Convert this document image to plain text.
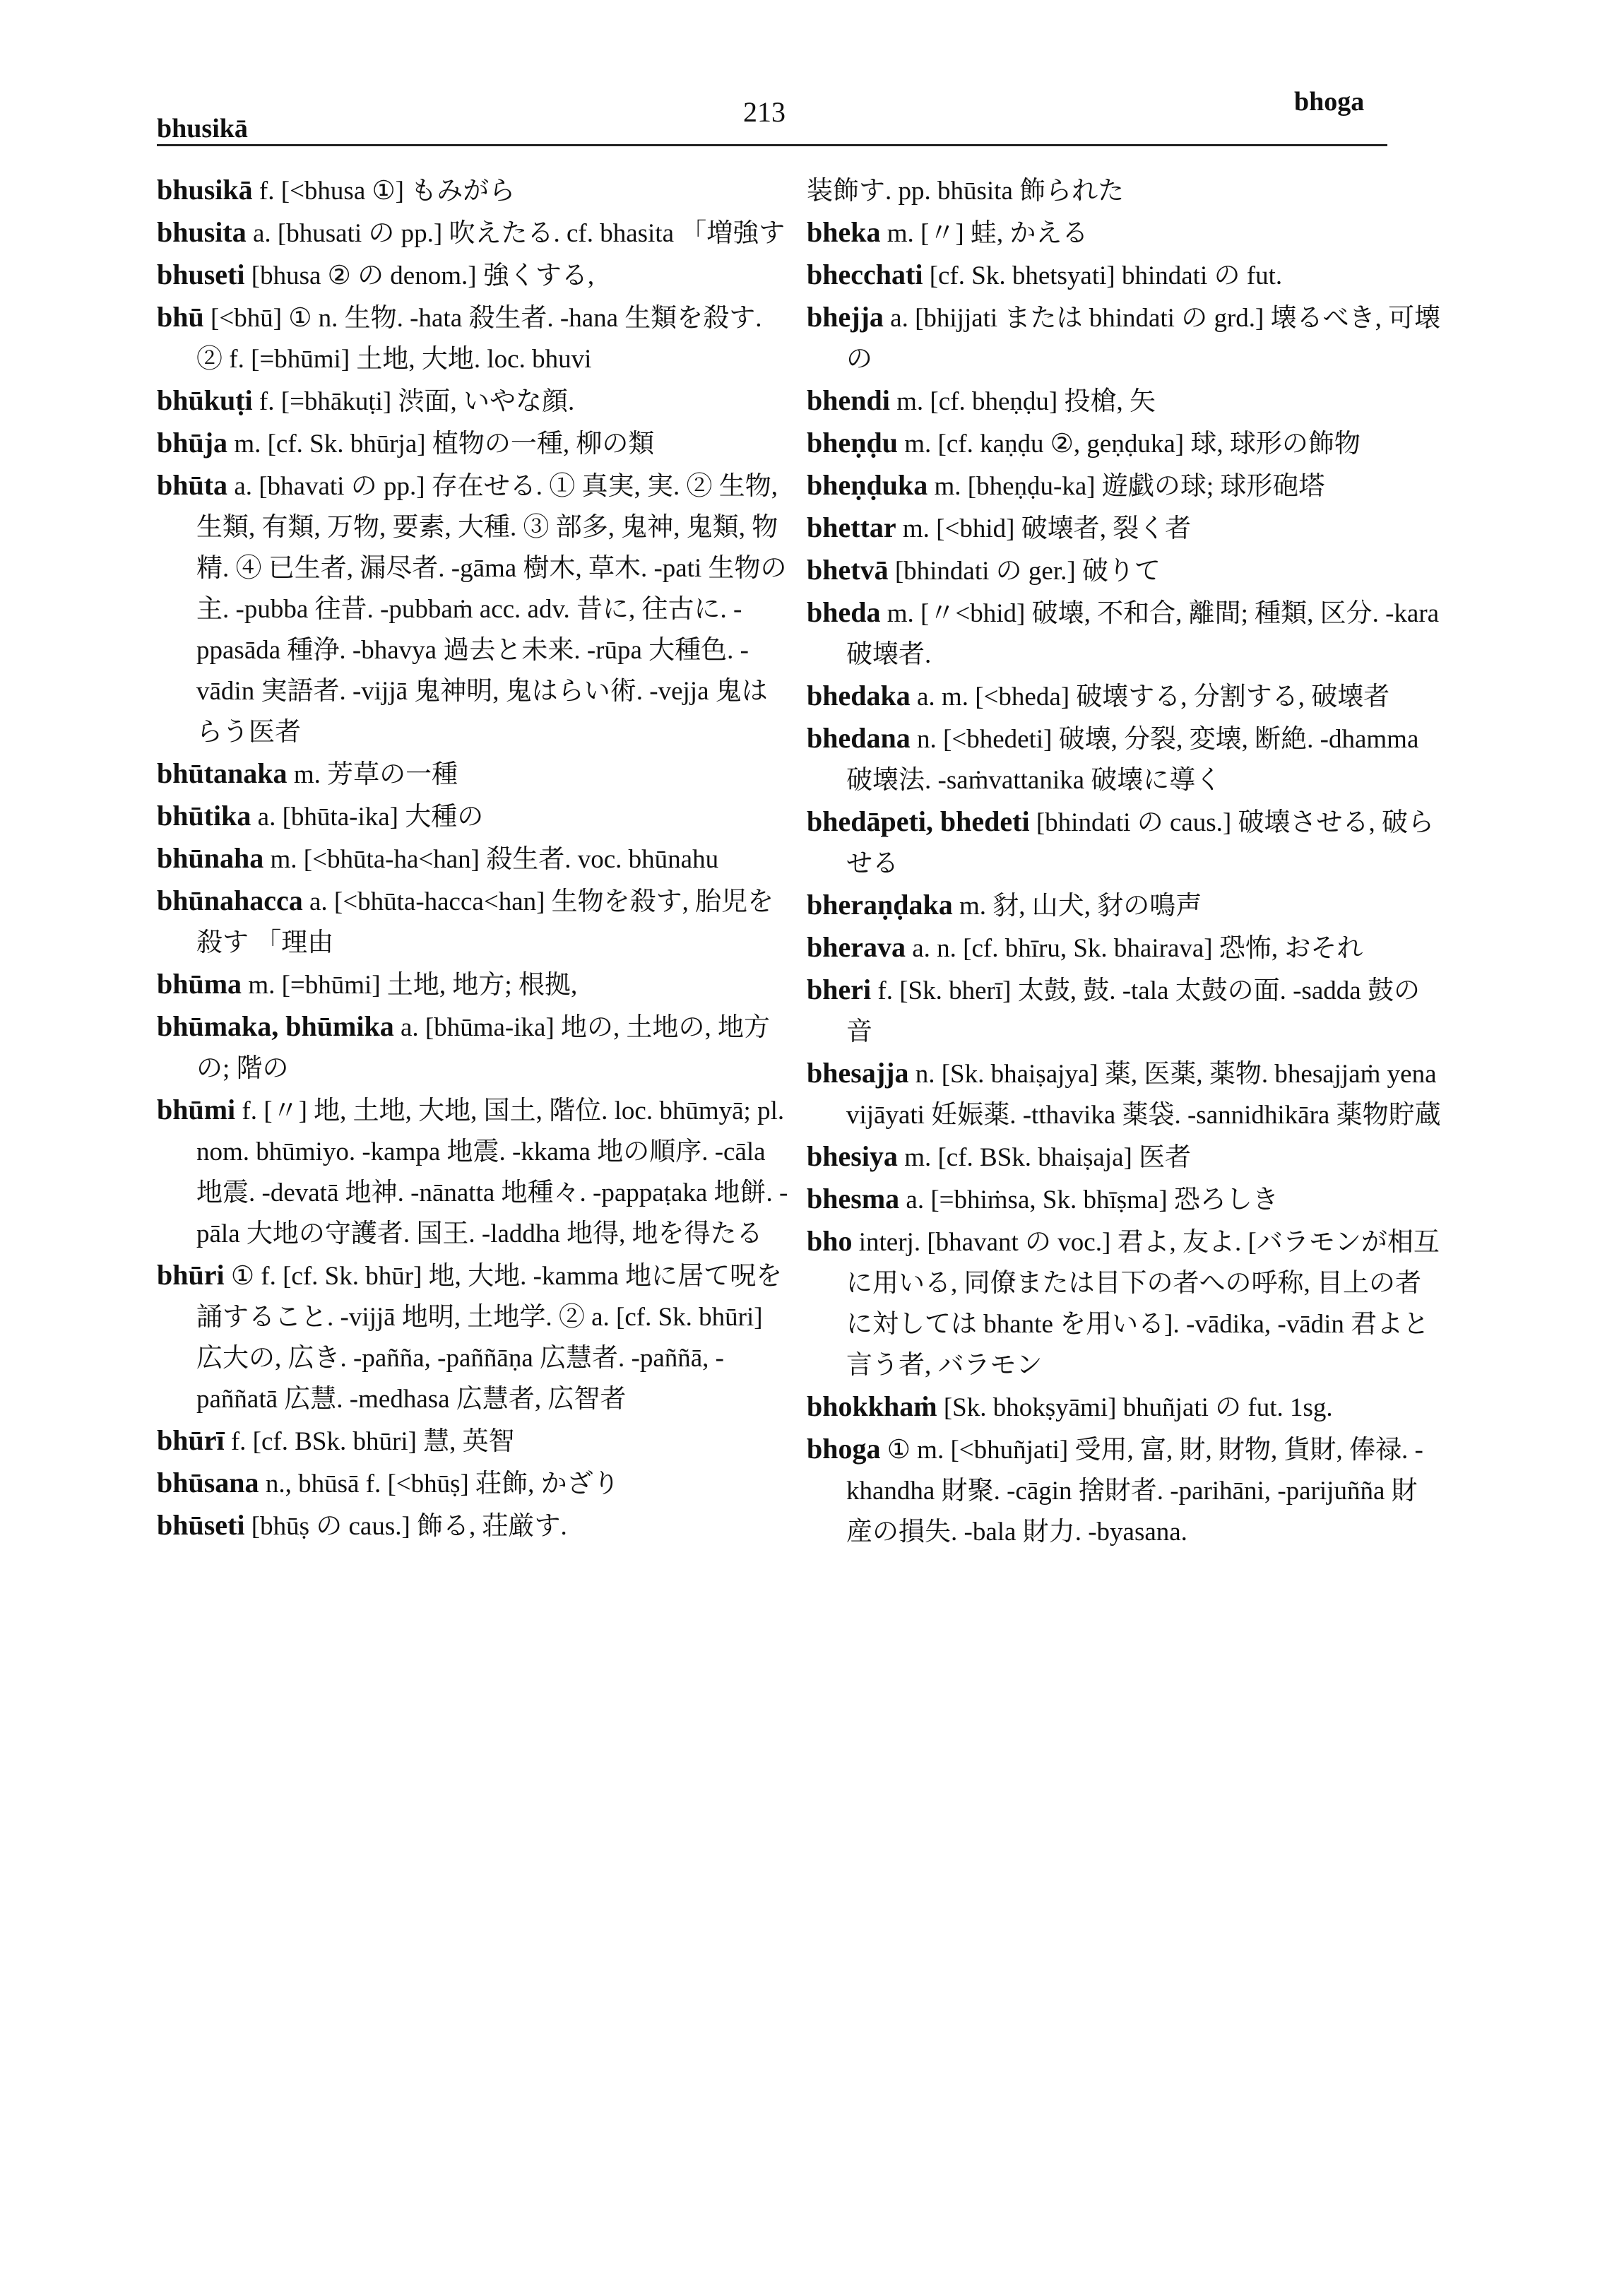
bhusikā
213	bhoga

bhusikā f. [<bhusa ①] もみがら

bhusita a. [bhusati の pp.] 吹えたる. cf. bhasita 「増強す

bhuseti [bhusa ② の denom.] 強くする,

bhū [<bhū] ① n. 生物. -hata 殺生者. -hana 生類を殺す. ② f. [=bhūmi] 土地, 大地. loc. bhuvi

bhūkuṭi f. [=bhākuṭi] 渋面, いやな顔.

bhūja m. [cf. Sk. bhūrja] 植物の一種, 柳の類

bhūta a. [bhavati の pp.] 存在せる. ① 真実, 実. ② 生物, 生類, 有類, 万物, 要素, 大種. ③ 部多, 鬼神, 鬼類, 物精. ④ 已生者, 漏尽者. -gāma 樹木, 草木. -pati 生物の主. -pubba 往昔. -pubbaṁ acc. adv. 昔に, 往古に. -ppasāda 種浄. -bhavya 過去と未来. -rūpa 大種色. -vādin 実語者. -vijjā 鬼神明, 鬼はらい術. -vejja 鬼はらう医者

bhūtanaka m. 芳草の一種

bhūtika a. [bhūta-ika] 大種の

bhūnaha m. [<bhūta-ha<han] 殺生者. voc. bhūnahu

bhūnahacca a. [<bhūta-hacca<han] 生物を殺す, 胎児を殺す 「理由

bhūma m. [=bhūmi] 土地, 地方; 根拠,

bhūmaka, bhūmika a. [bhūma-ika] 地の, 土地の, 地方の; 階の

bhūmi f. [〃] 地, 土地, 大地, 国土, 階位. loc. bhūmyā; pl. nom. bhūmiyo. -kampa 地震. -kkama 地の順序. -cāla 地震. -devatā 地神. -nānatta 地種々. -pappaṭaka 地餅. -pāla 大地の守護者. 国王. -laddha 地得, 地を得たる

bhūri ① f. [cf. Sk. bhūr] 地, 大地. -kamma 地に居て呪を誦すること. -vijjā 地明, 土地学. ② a. [cf. Sk. bhūri] 広大の, 広き. -pañña, -paññāṇa 広慧者. -paññā, -paññatā 広慧. -medhasa 広慧者, 広智者

bhūrī f. [cf. BSk. bhūri] 慧, 英智

bhūsana n., bhūsā f. [<bhūṣ] 荘飾, かざり

bhūseti [bhūṣ の caus.] 飾る, 荘厳す.

装飾す. pp. bhūsita 飾られた

bheka m. [〃] 蛙, かえる

bhecchati [cf. Sk. bhetsyati] bhindati の fut.

bhejja a. [bhijjati または bhindati の grd.] 壊るべき, 可壊の

bhendi m. [cf. bheṇḍu] 投槍, 矢

bheṇḍu m. [cf. kaṇḍu ②, geṇḍuka] 球, 球形の飾物

bheṇḍuka m. [bheṇḍu-ka] 遊戯の球; 球形砲塔

bhettar m. [<bhid] 破壊者, 裂く者

bhetvā [bhindati の ger.] 破りて

bheda m. [〃<bhid] 破壊, 不和合, 離間; 種類, 区分. -kara 破壊者.

bhedaka a. m. [<bheda] 破壊する, 分割する, 破壊者

bhedana n. [<bhedeti] 破壊, 分裂, 変壊, 断絶. -dhamma 破壊法. -saṁvattanika 破壊に導く

bhedāpeti, bhedeti [bhindati の caus.] 破壊させる, 破らせる

bheraṇḍaka m. 豺, 山犬, 豺の鳴声

bherava a. n. [cf. bhīru, Sk. bhairava] 恐怖, おそれ

bheri f. [Sk. bherī] 太鼓, 鼓. -tala 太鼓の面. -sadda 鼓の音

bhesajja n. [Sk. bhaiṣajya] 薬, 医薬, 薬物. bhesajjaṁ yena vijāyati 妊娠薬. -tthavika 薬袋. -sannidhikāra 薬物貯蔵

bhesiya m. [cf. BSk. bhaiṣaja] 医者

bhesma a. [=bhiṁsa, Sk. bhīṣma] 恐ろしき

bho interj. [bhavant の voc.] 君よ, 友よ. [バラモンが相互に用いる, 同僚または目下の者への呼称, 目上の者に対しては bhante を用いる]. -vādika, -vādin 君よと言う者, バラモン

bhokkhaṁ [Sk. bhokṣyāmi] bhuñjati の fut. 1sg.

bhoga ① m. [<bhuñjati] 受用, 富, 財, 財物, 貨財, 俸禄. -khandha 財聚. -cāgin 捨財者. -parihāni, -parijuñña 財産の損失. -bala 財力. -byasana.
